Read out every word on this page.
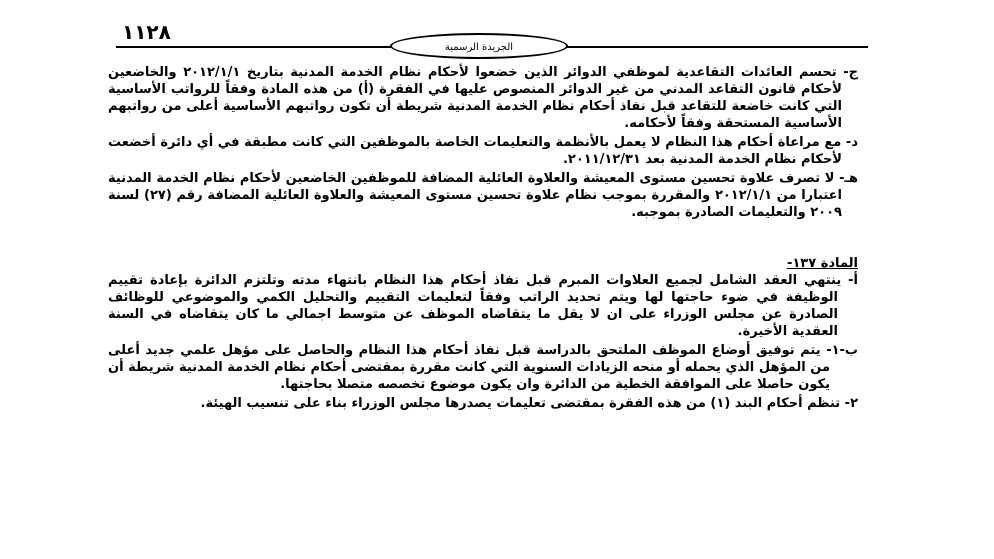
١١٢٨
الجريدة الرسمية

ج- تحسم العائدات التقاعدية لموظفي الدوائر الذين خضعوا لأحكام نظام الخدمة المدنية بتاريخ ٢٠١٢/١/١ والخاضعين لأحكام قانون التقاعد المدني من غير الدوائر المنصوص عليها في الفقرة (أ) من هذه المادة وفقاً للرواتب الأساسية التي كانت خاضعة للتقاعد قبل نفاذ أحكام نظام الخدمة المدنية شريطة أن تكون رواتبهم الأساسية أعلى من رواتبهم الأساسية المستحقة وفقاً لأحكامه.

د- مع مراعاة أحكام هذا النظام لا يعمل بالأنظمة والتعليمات الخاصة بالموظفين التي كانت مطبقة في أي دائرة أخضعت لأحكام نظام الخدمة المدنية بعد ٢٠١١/١٢/٣١.

هـ- لا تصرف علاوة تحسين مستوى المعيشة والعلاوة العائلية المضافة للموظفين الخاضعين لأحكام نظام الخدمة المدنية اعتبارا من ٢٠١٢/١/١ والمقررة بموجب نظام علاوة تحسين مستوى المعيشة والعلاوة العائلية المضافة رقم (٢٧) لسنة ٢٠٠٩ والتعليمات الصادرة بموجبه.

المادة ١٣٧-

أ- ينتهي العقد الشامل لجميع العلاوات المبرم قبل نفاذ أحكام هذا النظام بانتهاء مدته وتلتزم الدائرة بإعادة تقييم الوظيفة في ضوء حاجتها لها ويتم تحديد الراتب وفقاً لتعليمات التقييم والتحليل الكمي والموضوعي للوظائف الصادرة عن مجلس الوزراء على ان لا يقل ما يتقاضاه الموظف عن متوسط اجمالي ما كان يتقاضاه في السنة العقدية الأخيرة.

ب-١- يتم توفيق أوضاع الموظف الملتحق بالدراسة قبل نفاذ أحكام هذا النظام والحاصل على مؤهل علمي جديد أعلى من المؤهل الذي يحمله أو منحه الزيادات السنوية التي كانت مقررة بمقتضى أحكام نظام الخدمة المدنية شريطة أن يكون حاصلا على الموافقة الخطية من الدائرة وان يكون موضوع تخصصه متصلا بحاجتها.

٢- تنظم أحكام البند (١) من هذه الفقرة بمقتضى تعليمات يصدرها مجلس الوزراء بناء على تنسيب الهيئة.
